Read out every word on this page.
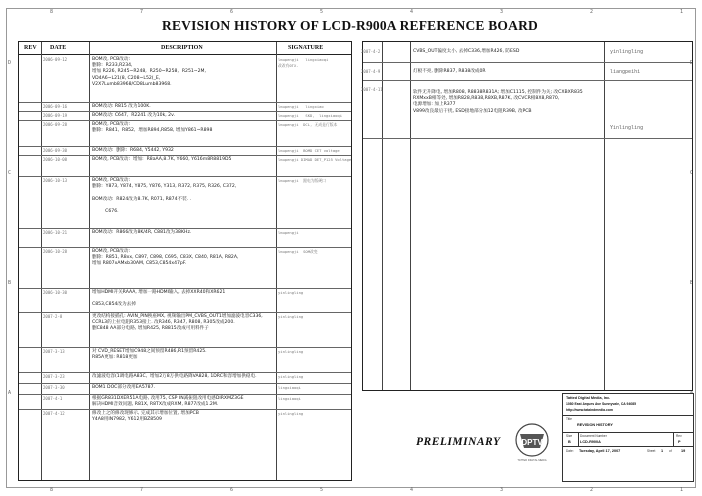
8
8
7
7
6
6
5
5
4
4
3
3
2
2
1
1
D	D
C	C
B	B
A	A
REVISION HISTORY OF LCD-R900A REFERENCE BOARD
REV DATE	DESCRIPTION	SIGNATURE
2006-09-12	BOM改, PCB改动:
删除:  R233,R234,
增加 R226, R245~R248,  R250~R258,  R251~2M,
VD4A6~L21(8, C208~L52(_E,
V2X7Lumb83968/CD8Lumb83968.
lmupengji   lingxiaoqi
改改有0TX.
2006-09-16	BOM改动: R815 改为100K.	lmupengji   lingxiao
2006-09-19	BOM改动: C647,  R2241 改为10k, 2v.	lmupengji   SKD,  lingxiaoqi
2006-09-28	BOM改, PCB改动:
删除:  R841,  R852,  增加R894,R858, 增加Y861~R898
lmupengji  DCL, 无成是行版本
2006-09-30	BOM改动:  删除:  R684, Y5442, Y932	lmupengji  BOMD CET voltage
2006-10-08	BOM改, PCB改动:  增加:  R8aAA,8.7K, Y660, Y616m8R8819D5	lmupengji DIMAD DET_P125 Voltage
2006-10-13	BOM改, PCB改动:
删除:  Y873, Y874, Y875, Y876, Y313, R372, R375, R326, C372,

BOM改动:  R824改为8.7K, R071, R874不装. .

C676.
lmupengji  跟电为版硬口
2006-10-21	BOM改动:  R866改为8K/4R, C881改为38KHz.	lmupengji
2006-10-28	BOM改, PCB改动:
删除:  R851, R8xx, C897, C898, C695, C83X, C840, R81A, R82A,
增加 R807xAMxb30AM, C853,C854x47pF.
lmupengji  SOM改变
2006-10-30	增加HDMI开关RAAA, 增加一路HDMI输入, 去掉XXR40和XR621

C853,C854改为去掉
yinlingling
2007-2-8	更改结构接插孔: AVIN_PIN换座MX, 视频输出PM_CVBS_OUT1增加滤波电容C336,
CCRL3的上拉电阻R353接上. 改R346, R347, R808, R305改成200.
删C848 AA部分电路, 增加R425, R8815改成可用料件子
yinlingling
2007-3-13	对 CVD_RESET增加C948之间预留R486,R1预留R425.
R85A更加: R818更加
yinlingling
2007-3-23	改滤波电容(1调电路A83C,  增加2万8万供电路降VA828, 1DRC和容增加供稳电.	yinlingling
2007-3-30	BOM1 DOC部分改用EA5787.	lingxiaoqi
2007-4-1	根据GR831DXER51A电路, 改用75, CSP IN减振阻改用电感DIRXMZ3GE
解决HDMI音效问题, R81X, R8TX改成RXM, R877改成1.2M.
lingxiaoqi
2007-4-12	修改上之的修改现修示, 完成其示增加位置, 增加PCB
Y4A8用IN7982, Y612用BZ8509
yinlingling
2007-4-2	CVBS_OUT偏度太小, 去掉C336,增加R426, 防ESD	yinlingling
2007-4-9	灯板不亮, 删除R837, R838改成0R	liangpeihi
2007-4-11
软件无升降电, 增加R808, R8838R831A; 增加C1115, 控制件为关; 改CXBXR835
RXMxxB相等处, 增加R828,R838,R8XB,R87K, 改CVCR相8X8,R870,
电源增加: 加上R377
V899改良最后干扰, ESD接地部分加12电阻R39B, 改PCB
Yinlingling
PRELIMINARY	DPTV
TATTED DIGITAL MEDIA
Tatted Digital Media, Inc.
1080 East Arques Ave Sunnyvale, CA 94085
http://www.tataindmedia.com
Title
REVISION HISTORY
Size
B
Document Number
LCD-R900A
Rev
P
Date: Tuesday, April 17, 2007	Sheet 1 of 19
